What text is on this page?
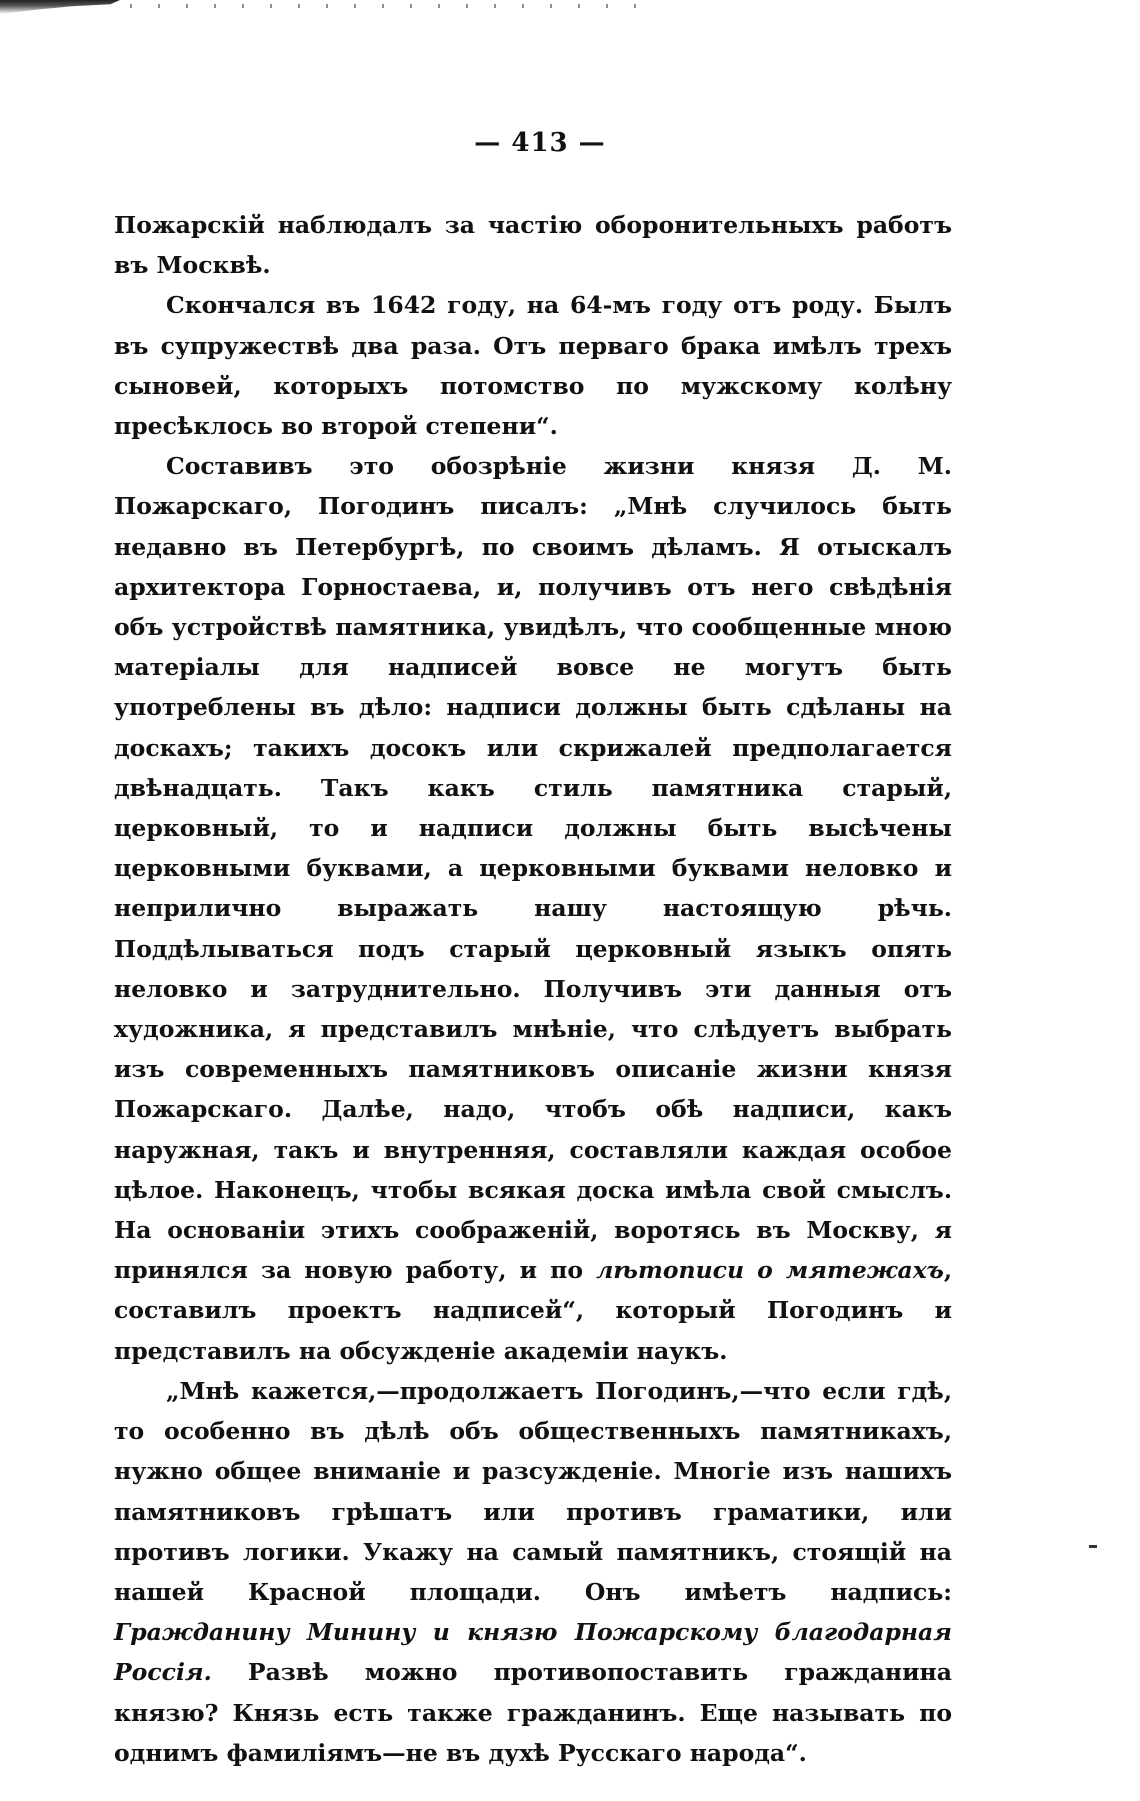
— 413 —

Пожарскій наблюдалъ за частію оборонительныхъ работъ въ Москвѣ.

Скончался въ 1642 году, на 64-мъ году отъ роду. Былъ въ супружествѣ два раза. Отъ перваго брака имѣлъ трехъ сыновей, которыхъ потомство по мужскому колѣну пресѣклось во второй степени“.

Составивъ это обозрѣніе жизни князя Д. М. Пожарскаго, Погодинъ писалъ: „Мнѣ случилось быть недавно въ Петербургѣ, по своимъ дѣламъ. Я отыскалъ архитектора Горностаева, и, получивъ отъ него свѣдѣнія объ устройствѣ памятника, увидѣлъ, что сообщенные мною матеріалы для надписей вовсе не могутъ быть употреблены въ дѣло: надписи должны быть сдѣланы на доскахъ; такихъ досокъ или скрижалей предполагается двѣнадцать. Такъ какъ стиль памятника старый, церковный, то и надписи должны быть высѣчены церковными буквами, а церковными буквами неловко и неприлично выражать нашу настоящую рѣчь. Поддѣлываться подъ старый церковный языкъ опять неловко и затруднительно. Получивъ эти данныя отъ художника, я представилъ мнѣніе, что слѣдуетъ выбрать изъ современныхъ памятниковъ описаніе жизни князя Пожарскаго. Далѣе, надо, чтобъ обѣ надписи, какъ наружная, такъ и внутренняя, составляли каждая особое цѣлое. Наконецъ, чтобы всякая доска имѣла свой смыслъ. На основаніи этихъ соображеній, воротясь въ Москву, я принялся за новую работу, и по лѣтописи о мятежахъ, составилъ проектъ надписей“, который Погодинъ и представилъ на обсужденіе академіи наукъ.

„Мнѣ кажется,—продолжаетъ Погодинъ,—что если гдѣ, то особенно въ дѣлѣ объ общественныхъ памятникахъ, нужно общее вниманіе и разсужденіе. Многіе изъ нашихъ памятниковъ грѣшатъ или противъ граматики, или противъ логики. Укажу на самый памятникъ, стоящій на нашей Красной площади. Онъ имѣетъ надпись: Гражданину Минину и князю Пожарскому благодарная Россія. Развѣ можно противопоставить гражданина князю? Князь есть также гражданинъ. Еще называть по однимъ фамиліямъ—не въ духѣ Русскаго народа“.
